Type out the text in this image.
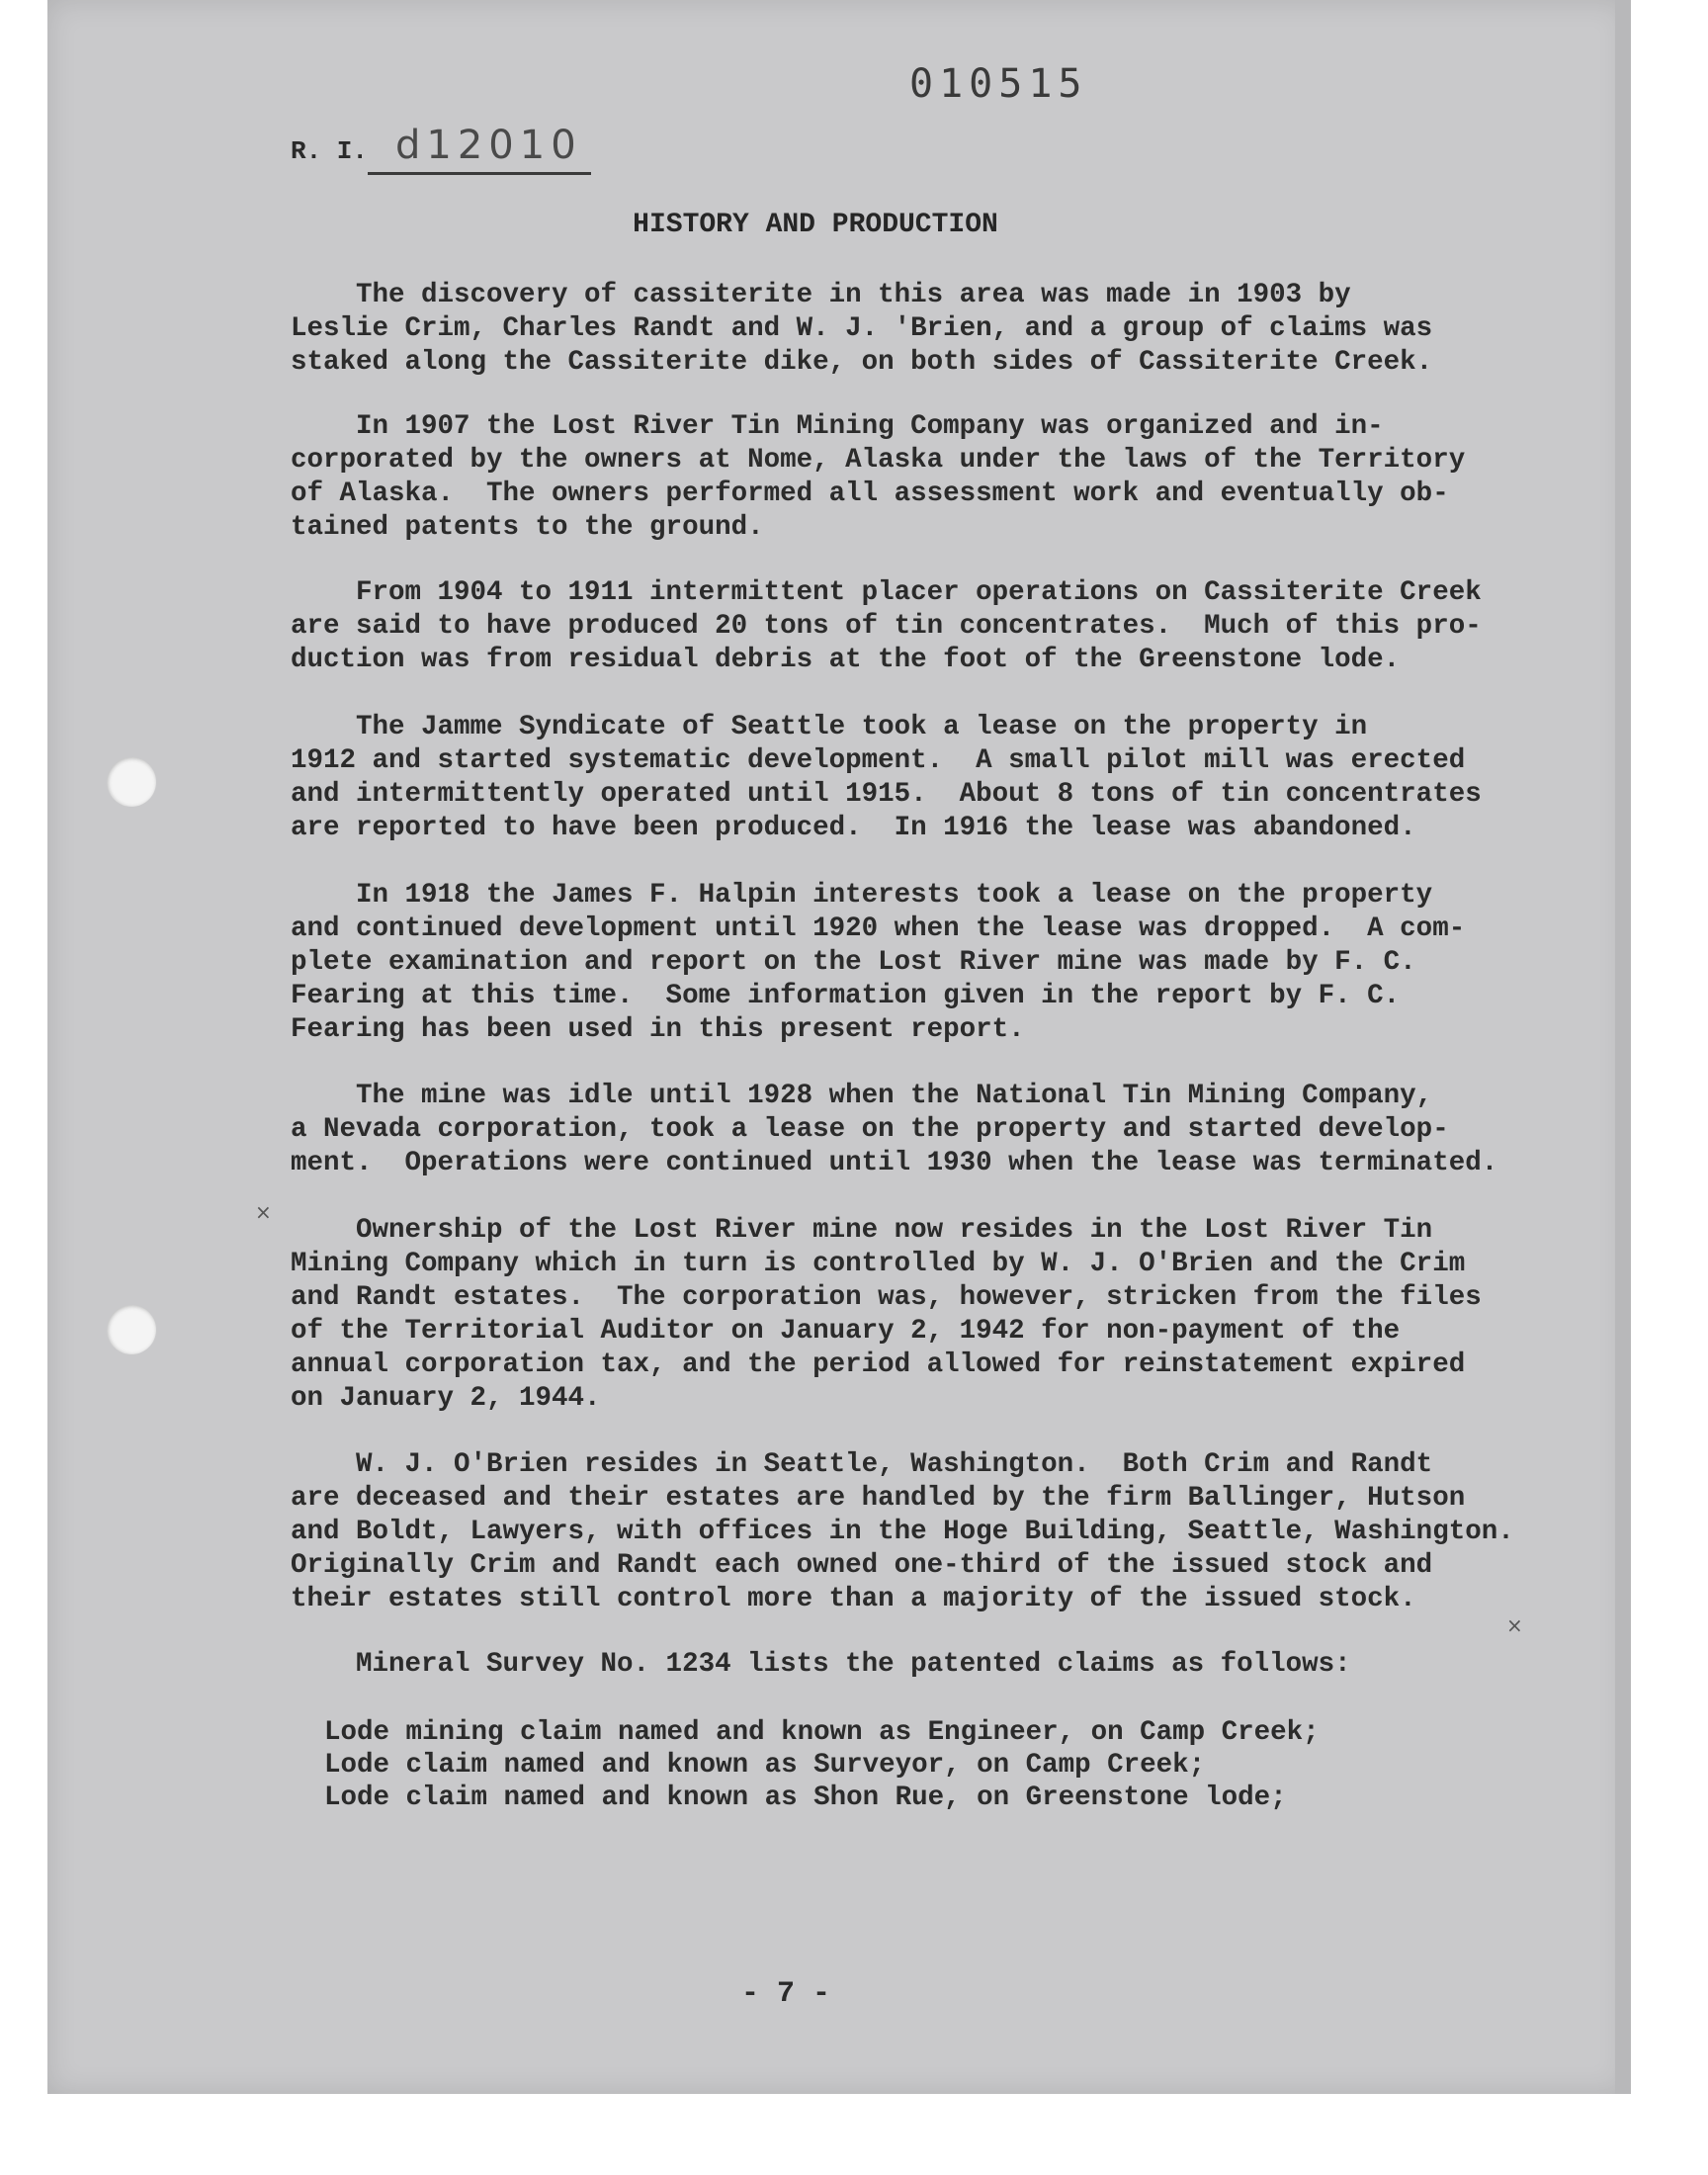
010515
R. I. d12010
HISTORY AND PRODUCTION
The discovery of cassiterite in this area was made in 1903 by
Leslie Crim, Charles Randt and W. J. 'Brien, and a group of claims was
staked along the Cassiterite dike, on both sides of Cassiterite Creek.
In 1907 the Lost River Tin Mining Company was organized and in-
corporated by the owners at Nome, Alaska under the laws of the Territory
of Alaska.  The owners performed all assessment work and eventually ob-
tained patents to the ground.
From 1904 to 1911 intermittent placer operations on Cassiterite Creek
are said to have produced 20 tons of tin concentrates.  Much of this pro-
duction was from residual debris at the foot of the Greenstone lode.
The Jamme Syndicate of Seattle took a lease on the property in
1912 and started systematic development.  A small pilot mill was erected
and intermittently operated until 1915.  About 8 tons of tin concentrates
are reported to have been produced.  In 1916 the lease was abandoned.
In 1918 the James F. Halpin interests took a lease on the property
and continued development until 1920 when the lease was dropped.  A com-
plete examination and report on the Lost River mine was made by F. C.
Fearing at this time.  Some information given in the report by F. C.
Fearing has been used in this present report.
The mine was idle until 1928 when the National Tin Mining Company,
a Nevada corporation, took a lease on the property and started develop-
ment.  Operations were continued until 1930 when the lease was terminated.
Ownership of the Lost River mine now resides in the Lost River Tin
Mining Company which in turn is controlled by W. J. O'Brien and the Crim
and Randt estates.  The corporation was, however, stricken from the files
of the Territorial Auditor on January 2, 1942 for non-payment of the
annual corporation tax, and the period allowed for reinstatement expired
on January 2, 1944.
W. J. O'Brien resides in Seattle, Washington.  Both Crim and Randt
are deceased and their estates are handled by the firm Ballinger, Hutson
and Boldt, Lawyers, with offices in the Hoge Building, Seattle, Washington.
Originally Crim and Randt each owned one-third of the issued stock and
their estates still control more than a majority of the issued stock.
Mineral Survey No. 1234 lists the patented claims as follows:
Lode mining claim named and known as Engineer, on Camp Creek;
Lode claim named and known as Surveyor, on Camp Creek;
Lode claim named and known as Shon Rue, on Greenstone lode;
×
×
- 7 -
